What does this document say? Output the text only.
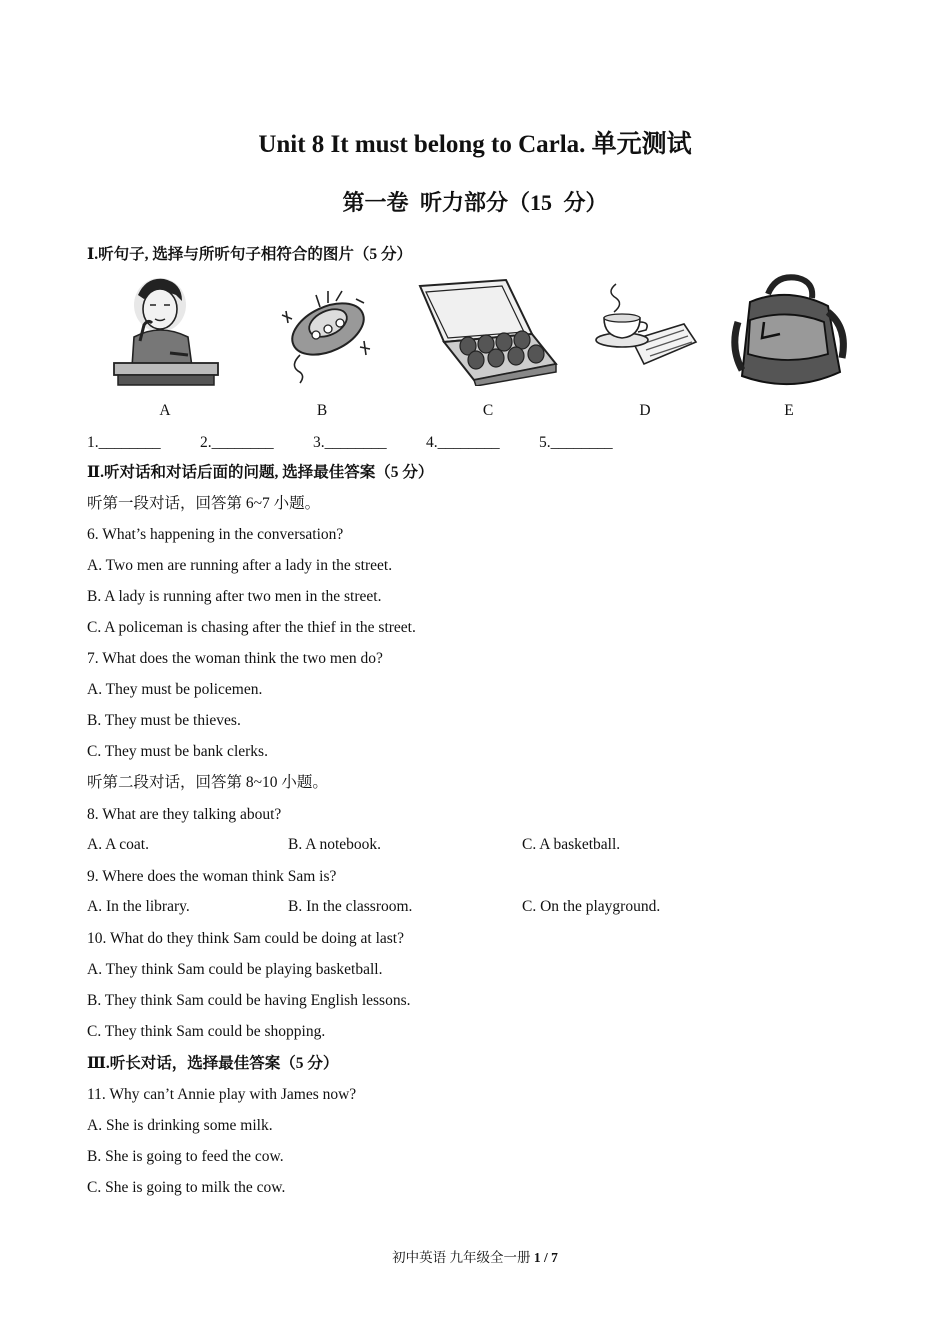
Unit 8 It must belong to Carla. 单元测试
第一卷 听力部分（15 分）
Ⅰ.听句子, 选择与所听句子相符合的图片（5 分）
A	B	C	D	E
1.________	2.________	3.________	4.________	5.________
Ⅱ.听对话和对话后面的问题, 选择最佳答案（5 分）
听第一段对话，回答第 6~7 小题。
6. What’s happening in the conversation?
A. Two men are running after a lady in the street.
B. A lady is running after two men in the street.
C. A policeman is chasing after the thief in the street.
7. What does the woman think the two men do?
A. They must be policemen.
B. They must be thieves.
C. They must be bank clerks.
听第二段对话，回答第 8~10 小题。
8. What are they talking about?
A. A coat.	B. A notebook.	C. A basketball.
9. Where does the woman think Sam is?
A. In the library.	B. In the classroom.	C. On the playground.
10. What do they think Sam could be doing at last?
A. They think Sam could be playing basketball.
B. They think Sam could be having English lessons.
C. They think Sam could be shopping.
Ⅲ.听长对话，选择最佳答案（5 分）
11. Why can’t Annie play with James now?
A. She is drinking some milk.
B. She is going to feed the cow.
C. She is going to milk the cow.
初中英语 九年级全一册 1 / 7
